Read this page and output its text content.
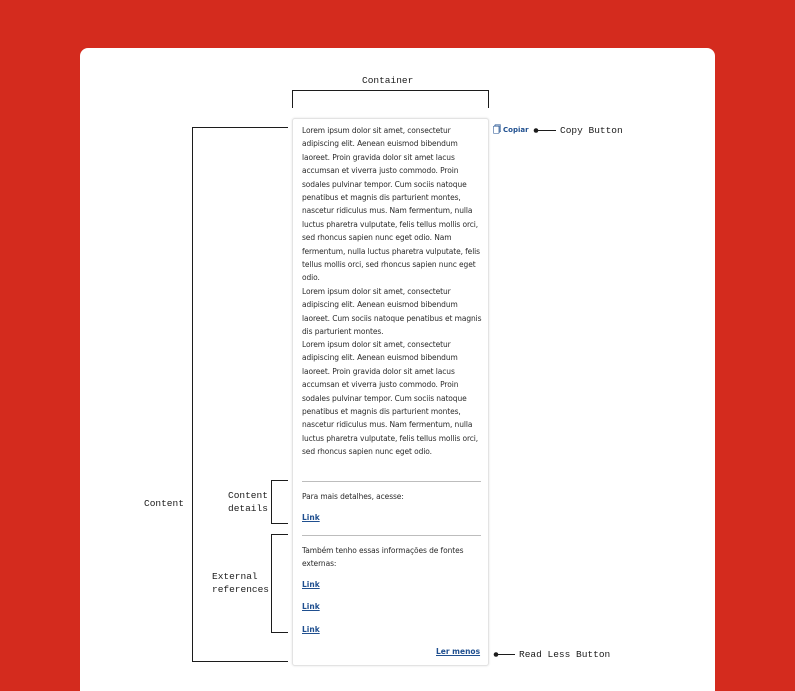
Container
Copy Button
Content
Content
details
External
references
Read Less Button
Lorem ipsum dolor sit amet, consectetur adipiscing elit. Aenean euismod bibendum laoreet. Proin gravida dolor sit amet lacus accumsan et viverra justo commodo. Proin sodales pulvinar tempor. Cum sociis natoque penatibus et magnis dis parturient montes, nascetur ridiculus mus. Nam fermentum, nulla luctus pharetra vulputate, felis tellus mollis orci, sed rhoncus sapien nunc eget odio. Nam fermentum, nulla luctus pharetra vulputate, felis tellus mollis orci, sed rhoncus sapien nunc eget odio.
Lorem ipsum dolor sit amet, consectetur adipiscing elit. Aenean euismod bibendum laoreet. Cum sociis natoque penatibus et magnis dis parturient montes.
Lorem ipsum dolor sit amet, consectetur adipiscing elit. Aenean euismod bibendum laoreet. Proin gravida dolor sit amet lacus accumsan et viverra justo commodo. Proin sodales pulvinar tempor. Cum sociis natoque penatibus et magnis dis parturient montes, nascetur ridiculus mus. Nam fermentum, nulla luctus pharetra vulputate, felis tellus mollis orci, sed rhoncus sapien nunc eget odio.
Para mais detalhes, acesse:
Link
Também tenho essas informações de fontes externas:
Link
Link
Link
🗍 Copiar
Ler menos
